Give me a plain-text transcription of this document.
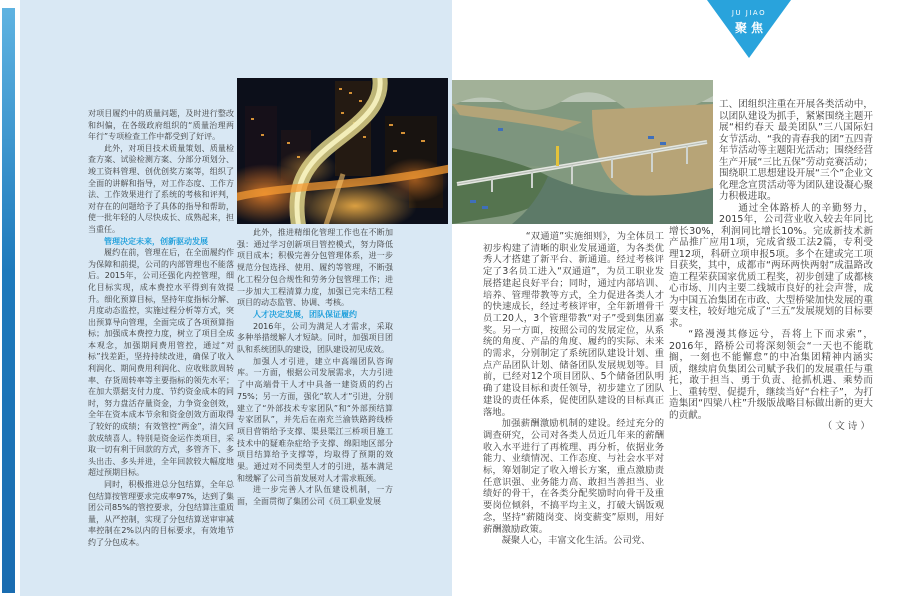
JU JIAO
聚焦

对项目履约中的质量问题，及时进行整改和纠偏，在各级政府组织的“质量治理两年行”专项检查工作中都受到了好评。

此外，对项目技术质量策划、质量检查方案、试验检测方案、分部分项划分、竣工资料管理、创优创奖方案等，组织了全面的讲解和指导，对工作态度、工作方法、工作效果进行了系统的考核和评判，对存在的问题给予了具体的指导和帮助，使一批年轻的人尽快成长、成熟起来，担当重任。

管理决定未来，创新驱动发展

履约在前，管理在后，在全面履约作为保障和前提，公司的内部管理也不能落后。2015年，公司还强化内控管理，细化目标实现，成本费控水平得到有效提升。细化预算目标，坚持年度指标分解、月度动态监控，实施过程分析等方式，突出预算导向管理，全面完成了各项预算指标；加强成本费控力度，树立了项目全成本观念，加强期间费用管控，通过“对标”找差距，坚持持续改进，确保了收入利润化、期间费用利润化、应收账款周转率、存货周转率等主要指标的领先水平；在加大票据支付力度、节约资金成本的同时，努力盘活存量资金，力争资金创效，全年在资本成本节余和资金创效方面取得了较好的成绩；有效管控“两金”，清欠回款成绩喜人。特别是资金运作类项目，采取一切有利于回款的方式，多管齐下、多头出击、多头并进，全年回款较大幅度地超过预期目标。

同时，积极推进总分包结算，全年总包结算按管理要求完成率97%，达到了集团公司85%的管控要求，分包结算注重质量，从严控制，实现了分包结算送审审减率控制在2%以内的目标要求，有效地节约了分包成本。

此外，推进精细化管理工作也在不断加强：通过学习创新项目管控模式，努力降低项目成本；积极完善分包管理体系，进一步规范分包选择、使用、履约等管理，不断强化工程分包合规性和劳务分包管理工作；进一步加大工程清算力度，加强已完未结工程项目的动态监管、协调、考核。

人才决定发展，团队保证履约

2016年，公司为满足人才需求，采取多种举措缓解人才短缺。同时，加强项目团队和系统团队的建设，团队建设初见成效。

加强人才引进，建立中高端团队咨询库。一方面，根据公司发展需求，大力引进了中高端骨干人才中具备一建资质的约占75%；另一方面，强化“软人才”引进，分别建立了“外部技术专家团队”和“外部预结算专家团队”，并先后在南充兰渝铁路跨线桥项目营销给予支撑、渠县渠江三桥项目施工技术中的疑难杂症给予支撑、绵阳地区部分项目结算给予支撑等，均取得了预期的效果。通过对不同类型人才的引进，基本满足和缓解了公司当前发展对人才需求瓶颈。

进一步完善人才队伍建设机制，一方面，全面贯彻了集团公司《员工职业发展

“双通道”实施细则》，为全体员工初步构建了清晰的职业发展通道，为各类优秀人才搭建了新平台、新通道。经过考核评定了3名员工进入“双通道”，为员工职业发展搭建起良好平台；同时，通过内部培训、培养、管理带教等方式，全力促进各类人才的快速成长，经过考核评审，全年新增骨干员工20人，3个管理带教“对子”受到集团嘉奖。另一方面，按照公司的发展定位，从系统的角度、产品的角度、履约的实际、未来的需求，分别制定了系统团队建设计划、重点产品团队计划、储备团队发展规划等。目前，已经对12个项目团队、5个储备团队明确了建设目标和责任领导，初步建立了团队建设的责任体系，促使团队建设的目标真正落地。

加强薪酬激励机制的建设。经过充分的调查研究，公司对各类人员近几年来的薪酬收入水平进行了再梳理、再分析，依据业务能力、业绩情况、工作态度、与社会水平对标，筹划制定了收入增长方案，重点激励责任意识强、业务能力高、敢担当善担当、业绩好的骨干，在各类分配奖励时向骨干及重要岗位倾斜，不搞平均主义，打破大锅饭观念，坚持“薪随岗变、岗变薪变”原则，用好薪酬激励政策。

凝聚人心，丰富文化生活。公司党、

工、团组织注重在开展各类活动中，以团队建设为抓手，紧紧围绕主题开展“相约春天 最美团队”三八国际妇女节活动、“我的青春我的团”五四青年节活动等主题阳光活动；围绕经营生产开展“三比五保”劳动竞赛活动；围绕职工思想建设开展“三个”企业文化理念宣贯活动等为团队建设凝心聚力积极进取。

通过全体路桥人的辛勤努力，2015年，公司营业收入较去年同比增长30%，利润同比增长10%。完成新技术新产品推广应用1项，完成省级工法2篇，专利受理12项，科研立项申报5项。多个在建或完工项目获奖，其中，成都市“两环两快两射”成温路改造工程荣获国家优质工程奖，初步创建了成都核心市场、川内主要二线城市良好的社会声誉，成为中国五冶集团在市政、大型桥梁加快发展的重要支柱，较好地完成了“三五”发展规划的目标要求。

“路漫漫其修远兮，吾将上下而求索”，2016年，路桥公司将深刻领会“一天也不能耽搁，一刻也不能懈怠”的中冶集团精神内涵实质，继续肩负集团公司赋予我们的发展重任与重托，敢于担当、勇于负责、抢抓机遇、乘势而上、重转型、促提升，继续当好“台柱子”，为打造集团“四梁八柱”升级版战略目标做出新的更大的贡献。

（文诗）
